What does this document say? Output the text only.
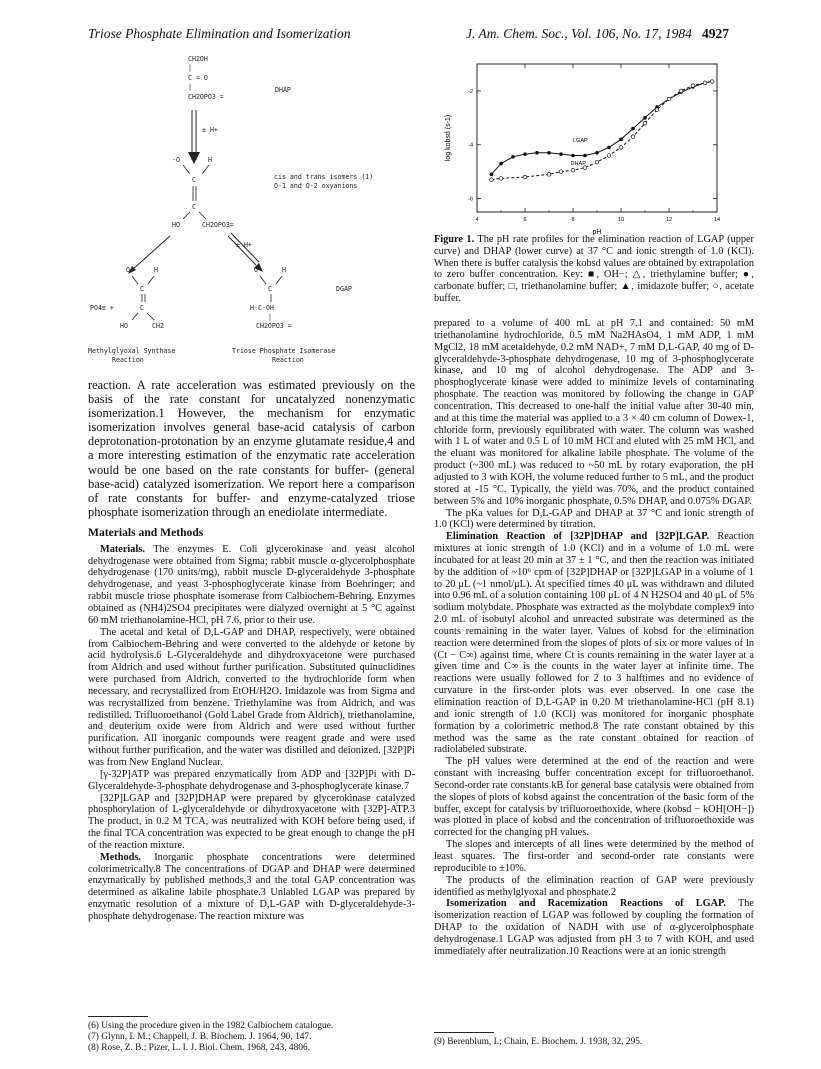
Triose Phosphate Elimination and Isomerization	J. Am. Chem. Soc., Vol. 106, No. 17, 1984 4927
CH2OH
|
C = O
|
CH2OPO3 =
DHAP
± H+
-O	H
C
C
HO	CH2OPO3=
cis and trans isomers (1)
O-1 and O-2 oxyanions
± H+
O	H
C
PO4≡ +	C
HO	CH2
O	H
C	DGAP
H-C-OH
|
CH2OPO3 =
Methylglyoxal Synthase
Reaction
Triose Phosphate Isomerase
Reaction
4	6	8	10	12	14
-2
-4
-6
log kobsd (s-1)
pH
LGAP
DHAP
Figure 1. The pH rate profiles for the elimination reaction of LGAP (upper curve) and DHAP (lower curve) at 37 °C and ionic strength of 1.0 (KCl). When there is buffer catalysis the kobsd values are obtained by extrapolation to zero buffer concentration. Key: ■, OH−; △, triethylamine buffer; ●, carbonate buffer; □, triethanolamine buffer; ▲, imidazole buffer; ○, acetate buffer.

reaction. A rate acceleration was estimated previously on the basis of the rate constant for uncatalyzed nonenzymatic isomerization.1 However, the mechanism for enzymatic isomerization involves general base-acid catalysis of carbon deprotonation-protonation by an enzyme glutamate residue,4 and a more interesting estimation of the enzymatic rate acceleration would be one based on the rate constants for buffer- (general base-acid) catalyzed isomerization. We report here a comparison of rate constants for buffer- and enzyme-catalyzed triose phosphate isomerization through an enediolate intermediate.

Materials and Methods

Materials. The enzymes E. Coli glycerokinase and yeast alcohol dehydrogenase were obtained from Sigma; rabbit muscle α-glycerolphosphate dehydrogenase (170 units/mg), rabbit muscle D-glyceraldehyde 3-phosphate dehydrogenase, and yeast 3-phosphoglycerate kinase from Boehringer; and rabbit muscle triose phosphate isomerase from Calbiochem-Behring. Enzymes obtained as (NH4)2SO4 precipitates were dialyzed overnight at 5 °C against 60 mM triethanolamine-HCl, pH 7.6, prior to their use.

The acetal and ketal of D,L-GAP and DHAP, respectively, were obtained from Calbiochem-Behring and were converted to the aldehyde or ketone by acid hydrolysis.6 L-Glyceraldehyde and dihydroxyacetone were purchased from Aldrich and used without further purification. Substituted quinuclidines were purchased from Aldrich, converted to the hydrochloride form when necessary, and recrystallized from EtOH/H2O. Imidazole was from Sigma and was recrystallized from benzene. Triethylamine was from Aldrich, and was redistilled. Trifluoroethanol (Gold Label Grade from Aldrich), triethanolamine, and deuterium oxide were from Aldrich and were used without further purification. All inorganic compounds were reagent grade and were used without further purification, and the water was distilled and deionized. [32P]Pi was from New England Nuclear.

[γ-32P]ATP was prepared enzymatically from ADP and [32P]Pi with D-Glyceraldehyde-3-phosphate dehydrogenase and 3-phosphoglycerate kinase.7

[32P]LGAP and [32P]DHAP were prepared by glycerokinase catalyzed phosphorylation of L-glyceraldehyde or dihydroxyacetone with [32P]-ATP.3 The product, in 0.2 M TCA, was neutralized with KOH before being used, if the final TCA concentration was expected to be great enough to change the pH of the reaction mixture.

Methods. Inorganic phosphate concentrations were determined colorimetrically.8 The concentrations of DGAP and DHAP were determined enzymatically by published methods,3 and the total GAP concentration was determined as alkaline labile phosphate.3 Unlabled LGAP was prepared by enzymatic resolution of a mixture of D,L-GAP with D-glyceraldehyde-3-phosphate dehydrogenase. The reaction mixture was

(6) Using the procedure given in the 1982 Calbiochem catalogue.
(7) Glynn, I. M.; Chappell, J. B. Biochem. J. 1964, 90, 147.
(8) Rose, Z. B.; Pizer, L. I. J. Biol. Chem. 1968, 243, 4806.

prepared to a volume of 400 mL at pH 7.1 and contained: 50 mM triethanolamine hydrochloride, 0.5 mM Na2HAsO4, 1 mM ADP, 1 mM MgCl2, 18 mM acetaldehyde, 0.2 mM NAD+, 7 mM D,L-GAP, 40 mg of D-glyceraldehyde-3-phosphate dehydrogenase, 10 mg of 3-phosphoglycerate kinase, and 10 mg of alcohol dehydrogenase. The ADP and 3-phosphoglycerate kinase were added to minimize levels of contaminating phosphate. The reaction was monitored by following the change in GAP concentration. This decreased to one-half the initial value after 30-40 min, and at this time the material was applied to a 3 × 40 cm column of Dowex-1, chloride form, previously equilibrated with water. The column was washed with 1 L of water and 0.5 L of 10 mM HCl and eluted with 25 mM HCl, and the eluant was monitored for alkaline labile phosphate. The volume of the product (~300 mL) was reduced to ~50 mL by rotary evaporation, the pH adjusted to 3 with KOH, the volume reduced further to 5 mL, and the product stored at -15 °C. Typically, the yield was 70%, and the product contained between 5% and 10% inorganic phosphate, 0.5% DHAP, and 0.075% DGAP.

The pKa values for D,L-GAP and DHAP at 37 °C and ionic strength of 1.0 (KCl) were determined by titration.

Elimination Reaction of [32P]DHAP and [32P]LGAP. Reaction mixtures at ionic strength of 1.0 (KCl) and in a volume of 1.0 mL were incubated for at least 20 min at 37 ± 1 °C, and then the reaction was initiated by the addition of ~10⁶ cpm of [32P]DHAP or [32P]LGAP in a volume of 1 to 20 μL (~1 nmol/μL). At specified times 40 μL was withdrawn and diluted into 0.96 mL of a solution containing 100 μL of 4 N H2SO4 and 40 μL of 5% sodium molybdate. Phosphate was extracted as the molybdate complex9 into 2.0 mL of isobutyl alcohol and unreacted substrate was determined as the counts remaining in the water layer. Values of kobsd for the elimination reaction were determined from the slopes of plots of six or more values of ln (Ct − C∞) against time, where Ct is counts remaining in the water layer at a given time and C∞ is the counts in the water layer at infinite time. The reactions were usually followed for 2 to 3 halftimes and no evidence of curvature in the first-order plots was ever observed. In one case the elimination reaction of D,L-GAP in 0.20 M triethanolamine-HCl (pH 8.1) and ionic strength of 1.0 (KCl) was monitored for inorganic phosphate formation by a colorimetric method.8 The rate constant obtained by this method was the same as the rate constant obtained for reaction of radiolabeled substrate.

The pH values were determined at the end of the reaction and were constant with increasing buffer concentration except for trifluoroethanol. Second-order rate constants kB for general base catalysis were obtained from the slopes of plots of kobsd against the concentration of the basic form of the buffer, except for catalysis by trifluoroethoxide, where (kobsd − kOH[OH−]) was plotted in place of kobsd and the concentration of trifluoroethoxide was corrected for the changing pH values.

The slopes and intercepts of all lines were determined by the method of least squares. The first-order and second-order rate constants were reproducible to ±10%.

The products of the elimination reaction of GAP were previously identified as methylglyoxal and phosphate.2

Isomerization and Racemization Reactions of LGAP. The isomerization reaction of LGAP was followed by coupling the formation of DHAP to the oxidation of NADH with use of α-glycerolphosphate dehydrogenase.1 LGAP was adjusted from pH 3 to 7 with KOH, and used immediately after neutralization.10 Reactions were at an ionic strength

(9) Berenblum, I.; Chain, E. Biochem. J. 1938, 32, 295.
